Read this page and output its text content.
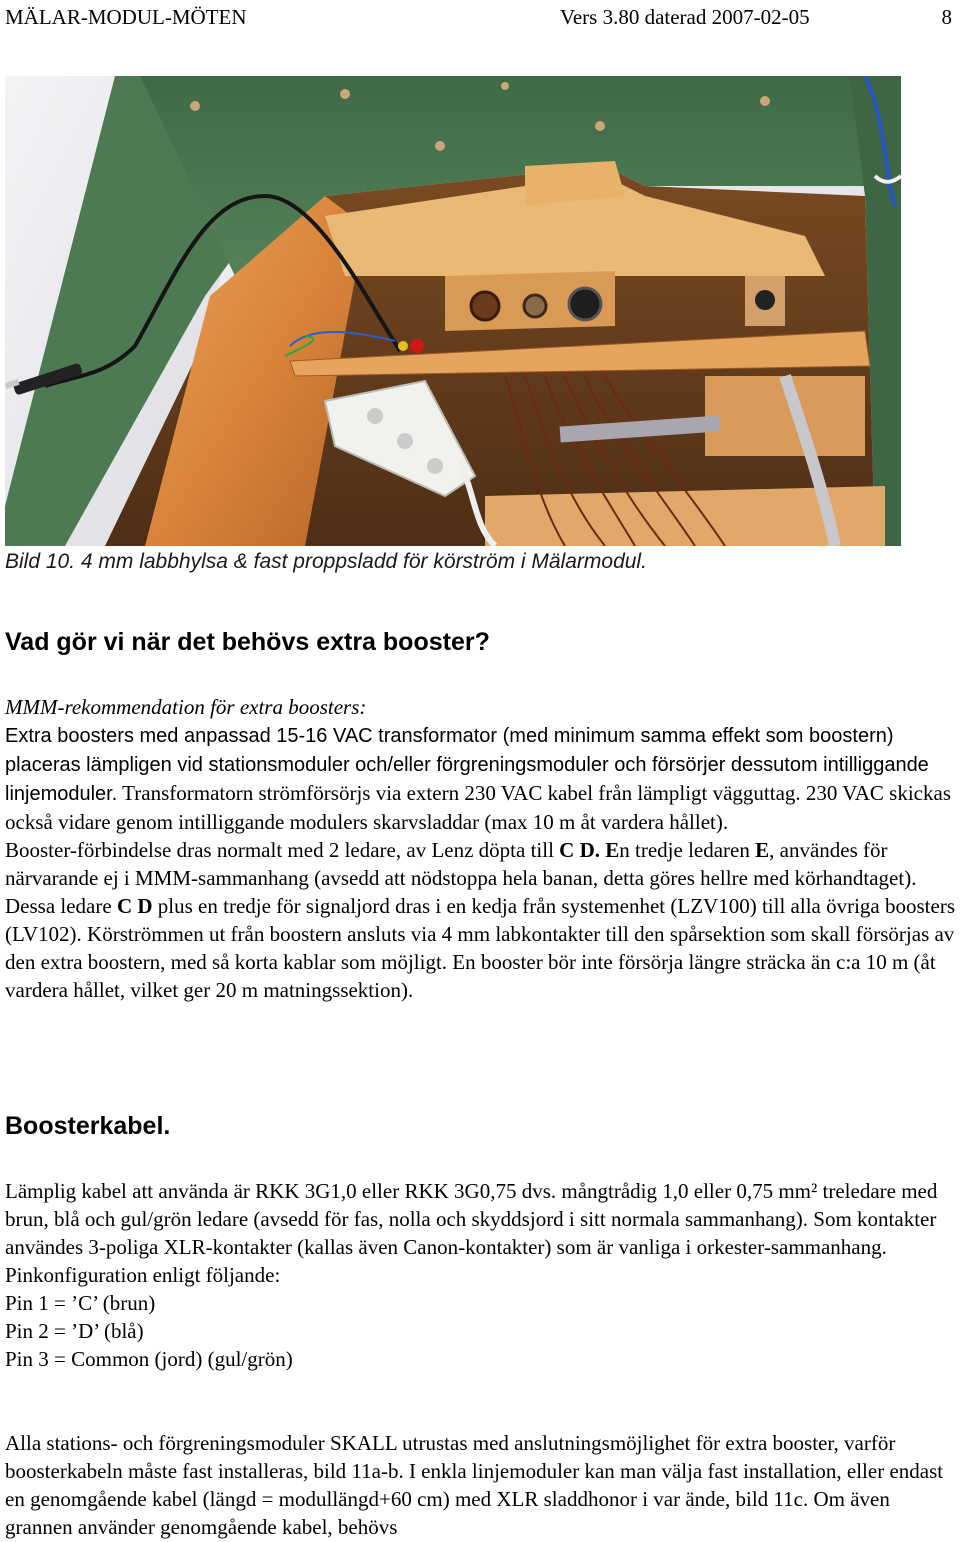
MÄLAR-MODUL-MÖTEN	Vers 3.80 daterad 2007-02-05	8
Bild 10. 4 mm labbhylsa & fast proppsladd för körström i Mälarmodul.
Vad gör vi när det behövs extra booster?

MMM-rekommendation för extra boosters:

Extra boosters med anpassad 15-16 VAC transformator (med minimum samma effekt som boostern) placeras lämpligen vid stationsmoduler och/eller förgreningsmoduler och försörjer dessutom intilliggande linjemoduler. Transformatorn strömförsörjs via extern 230 VAC kabel från lämpligt vägguttag. 230 VAC skickas också vidare genom intilliggande modulers skarvsladdar (max 10 m åt vardera hållet).

Booster-förbindelse dras normalt med 2 ledare, av Lenz döpta till C D. En tredje ledaren E, användes för närvarande ej i MMM-sammanhang (avsedd att nödstoppa hela banan, detta göres hellre med körhandtaget). Dessa ledare C D plus en tredje för signaljord dras i en kedja från systemenhet (LZV100) till alla övriga boosters (LV102). Körströmmen ut från boostern ansluts via 4 mm labkontakter till den spårsektion som skall försörjas av den extra boostern, med så korta kablar som möjligt. En booster bör inte försörja längre sträcka än c:a 10 m (åt vardera hållet, vilket ger 20 m matningssektion).

Boosterkabel.

Lämplig kabel att använda är RKK 3G1,0 eller RKK 3G0,75 dvs. mångtrådig 1,0 eller 0,75 mm² treledare med brun, blå och gul/grön ledare (avsedd för fas, nolla och skyddsjord i sitt normala sammanhang). Som kontakter användes 3-poliga XLR-kontakter (kallas även Canon-kontakter) som är vanliga i orkester-sammanhang.

Pinkonfiguration enligt följande:

Pin 1 = ’C’ (brun)

Pin 2 = ’D’ (blå)

Pin 3 = Common (jord) (gul/grön)

Alla stations- och förgreningsmoduler SKALL utrustas med anslutningsmöjlighet för extra booster, varför boosterkabeln måste fast installeras, bild 11a-b. I enkla linjemoduler kan man välja fast installation, eller endast en genomgående kabel (längd = modullängd+60 cm) med XLR sladdhonor i var ände, bild 11c. Om även grannen använder genomgående kabel, behövs
